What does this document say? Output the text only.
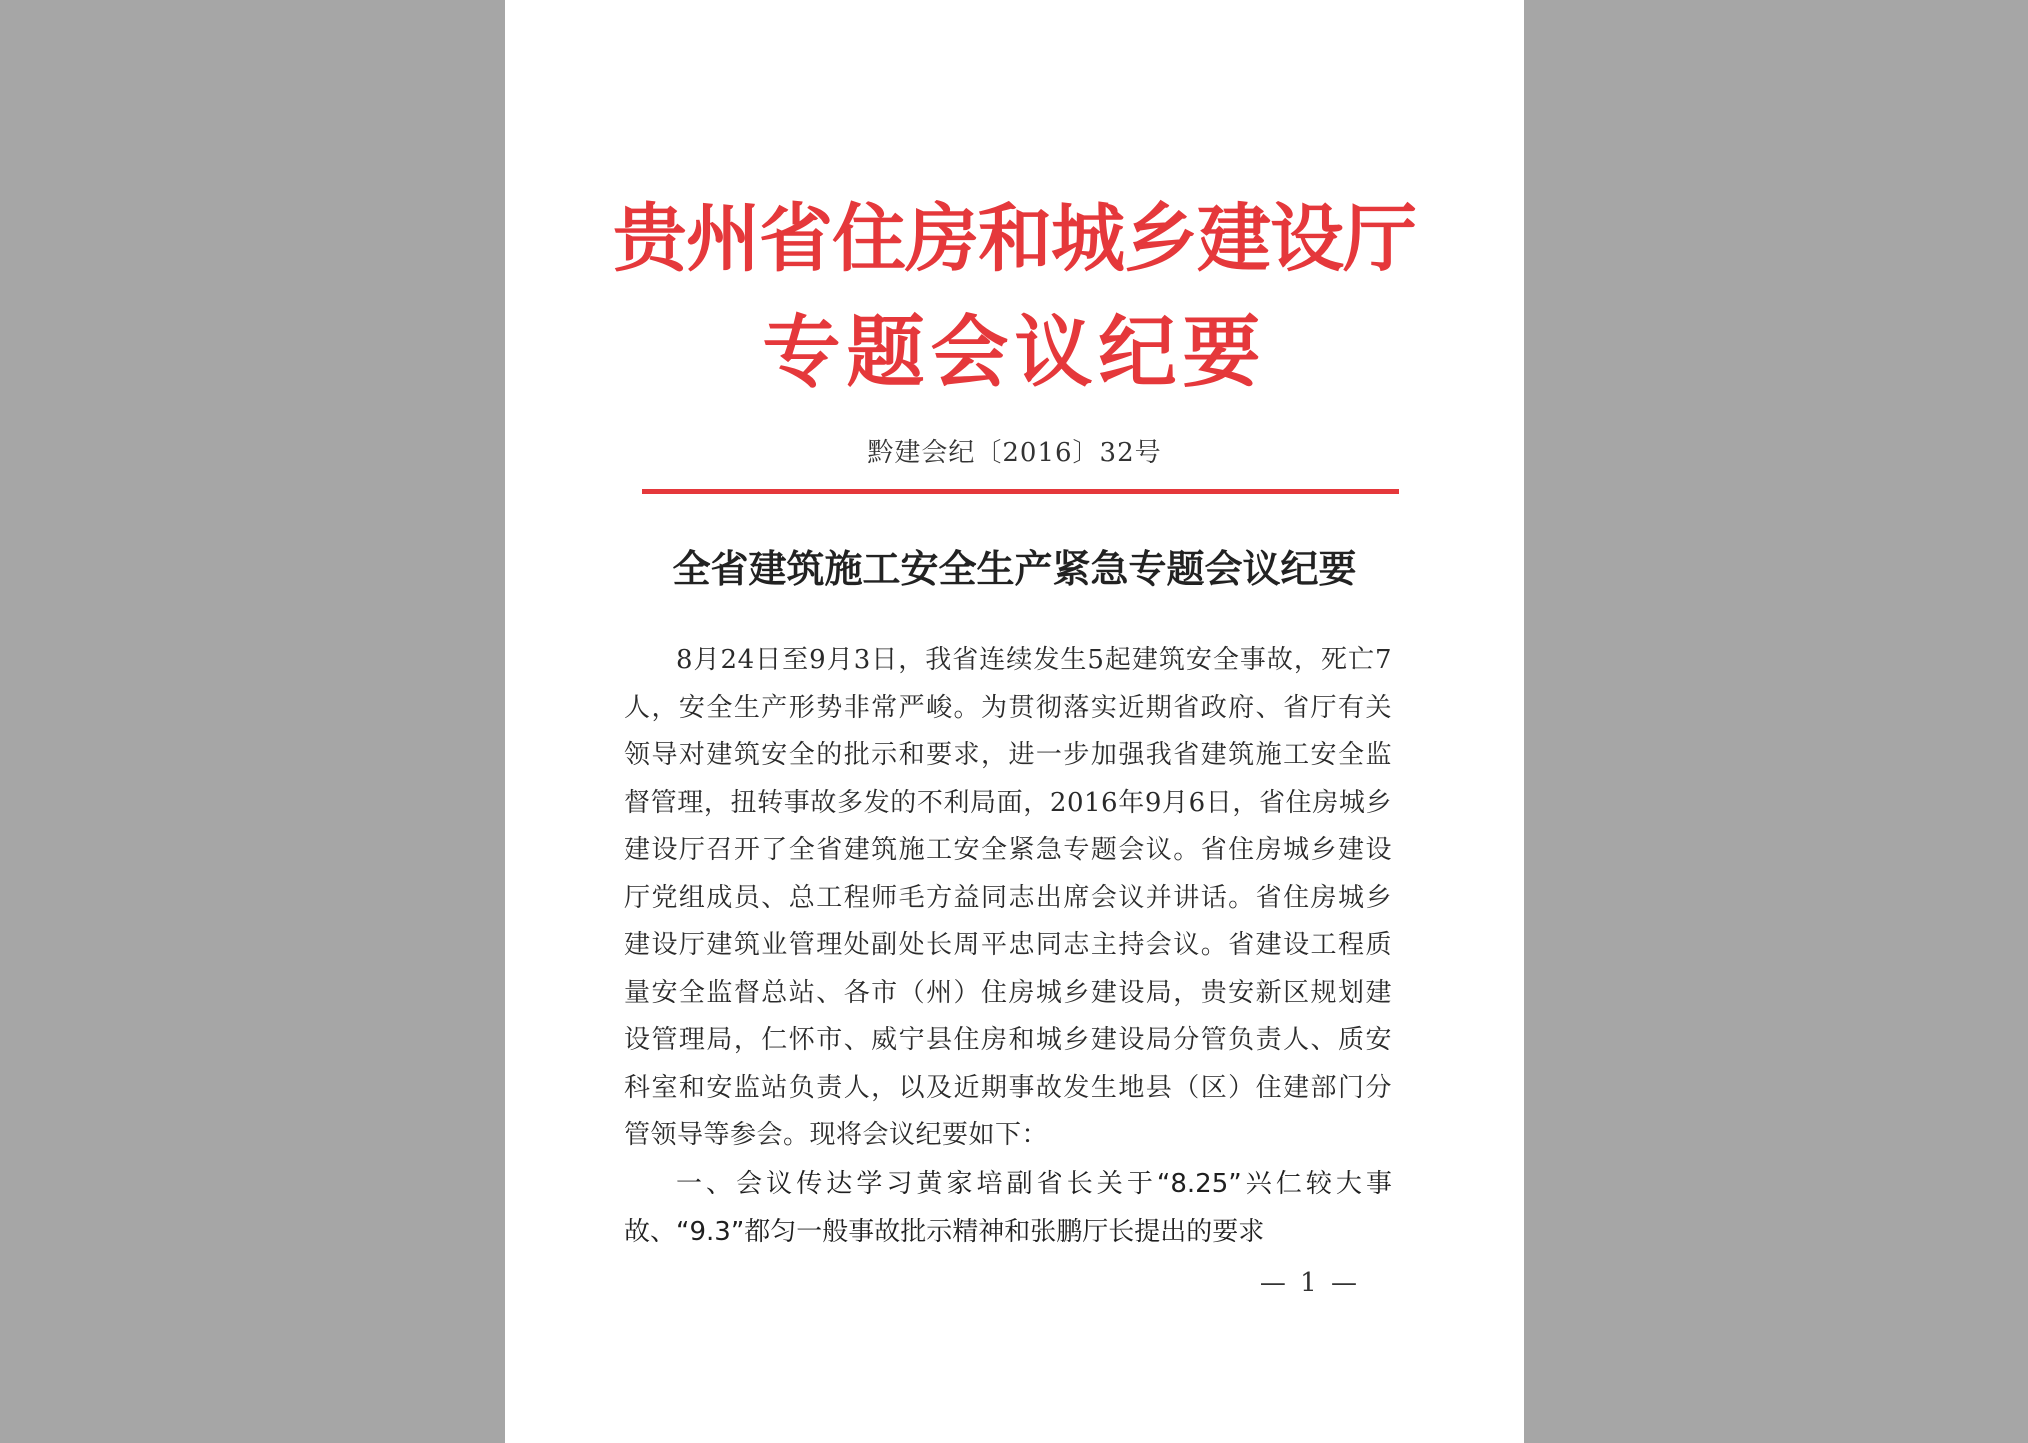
贵州省住房和城乡建设厅
专题会议纪要
黔建会纪〔2016〕32号
全省建筑施工安全生产紧急专题会议纪要

8月24日至9月3日，我省连续发生5起建筑安全事故，死亡7人，安全生产形势非常严峻。为贯彻落实近期省政府、省厅有关领导对建筑安全的批示和要求，进一步加强我省建筑施工安全监督管理，扭转事故多发的不利局面，2016年9月6日，省住房城乡建设厅召开了全省建筑施工安全紧急专题会议。省住房城乡建设厅党组成员、总工程师毛方益同志出席会议并讲话。省住房城乡建设厅建筑业管理处副处长周平忠同志主持会议。省建设工程质量安全监督总站、各市（州）住房城乡建设局，贵安新区规划建设管理局，仁怀市、威宁县住房和城乡建设局分管负责人、质安科室和安监站负责人，以及近期事故发生地县（区）住建部门分管领导等参会。现将会议纪要如下：

一、会议传达学习黄家培副省长关于“8.25”兴仁较大事故、“9.3”都匀一般事故批示精神和张鹏厅长提出的要求

— 1 —
